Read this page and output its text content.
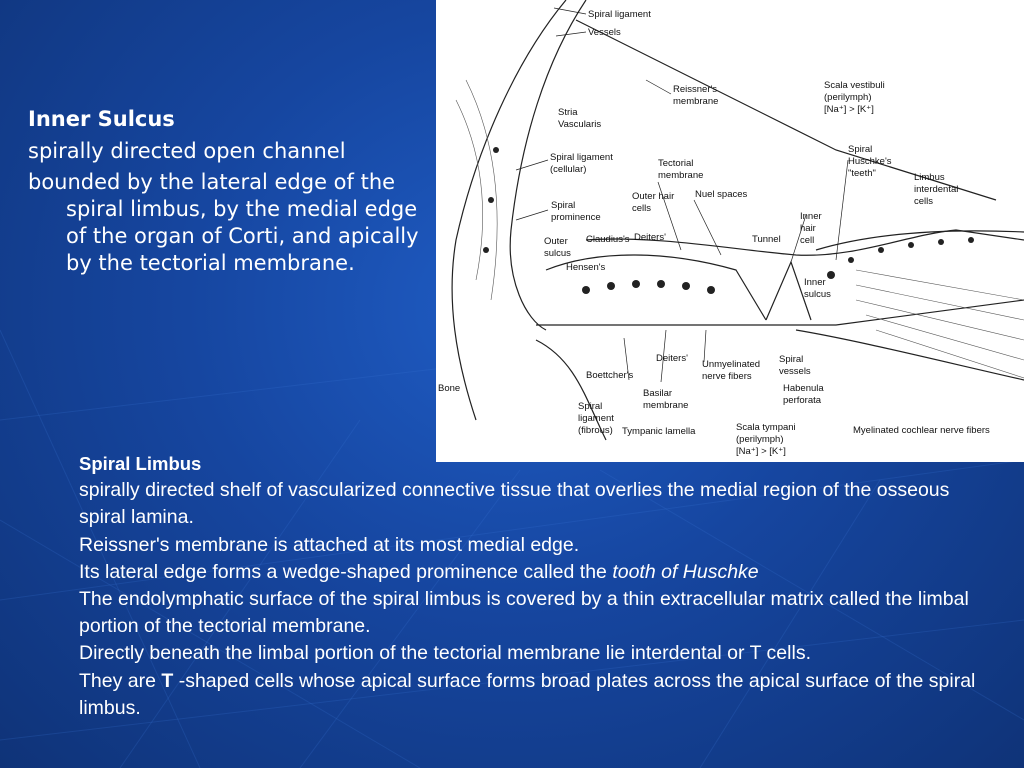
Inner Sulcus
spirally directed open channel
bounded by the lateral edge of the spiral limbus, by the medial edge of the organ of Corti, and apically by the tectorial membrane.
Spiral ligament
Vessels
Reissner's
membrane
Scala vestibuli
(perilymph)
[Na⁺] > [K⁺]
Stria
Vascularis
Spiral
Huschke's
"teeth"	Limbus
interdental
cells
Spiral ligament
(cellular)
Tectorial
membrane
Outer hair
cells
Nuel spaces
Spiral
prominence	Inner
hair
cell
Outer
sulcus
Claudius's Deiters'	Tunnel
Hensen's
Inner
sulcus
Deiters'
Unmyelinated
nerve fibers
Spiral
vessels
Bone
Boettcher's
Basilar
membrane
Habenula
perforata
Spiral
ligament
(fibrous) Tympanic lamella	Scala tympani
(perilymph)
[Na⁺] > [K⁺]
Myelinated cochlear nerve fibers

Spiral Limbus

spirally directed shelf of vascularized connective tissue that overlies the medial region of the osseous spiral lamina.

Reissner's membrane is attached at its most medial edge.

Its lateral edge forms a wedge-shaped prominence called the tooth of Huschke

The endolymphatic surface of the spiral limbus is covered by a thin extracellular matrix called the limbal portion of the tectorial membrane.

Directly beneath the limbal portion of the tectorial membrane lie interdental or T cells.

They are T -shaped cells whose apical surface forms broad plates across the apical surface of the spiral limbus.
